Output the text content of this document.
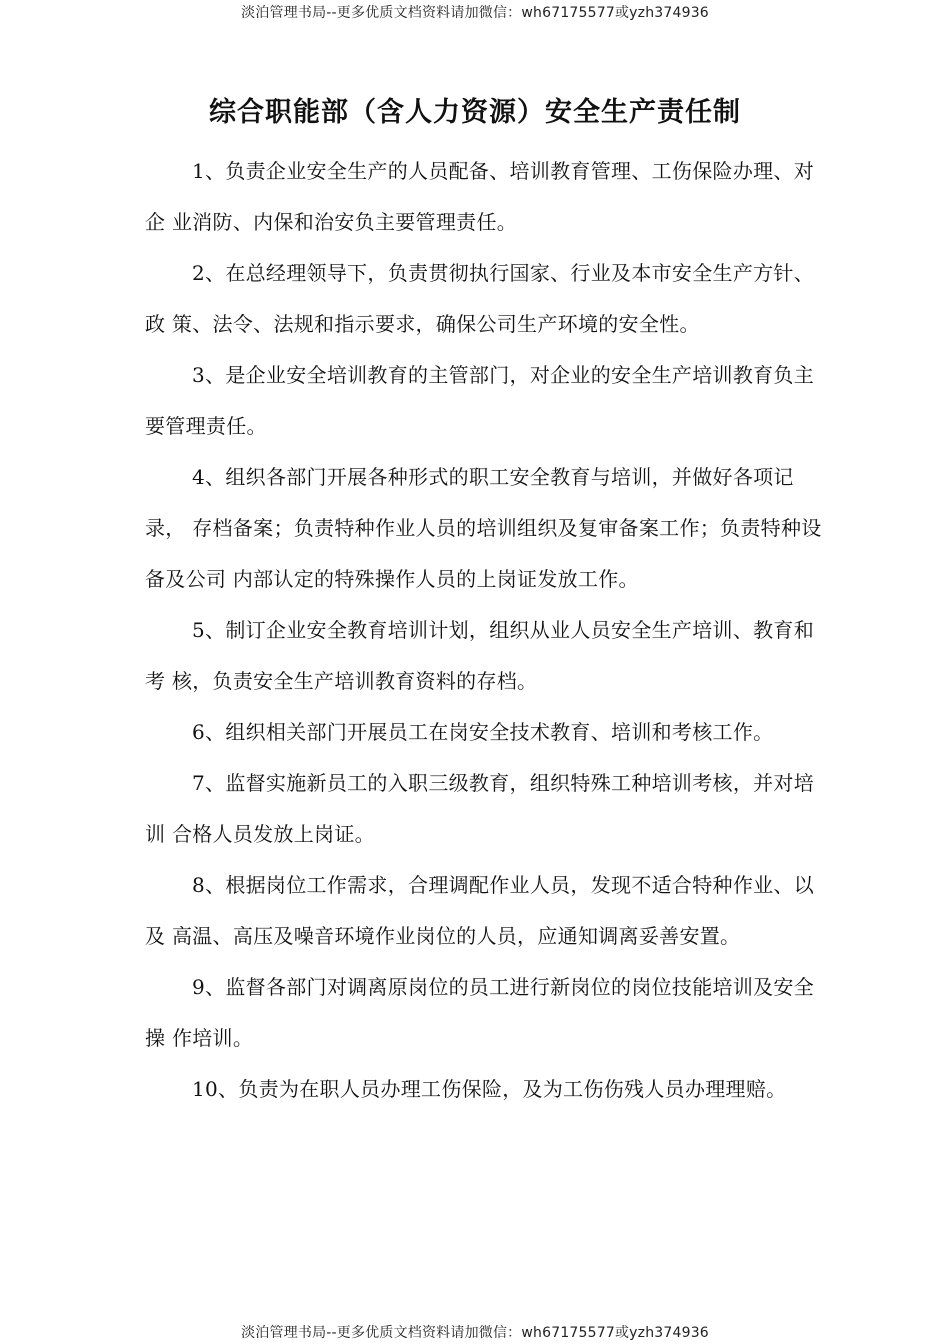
淡泊管理书局--更多优质文档资料请加微信：wh67175577或yzh374936
综合职能部（含人力资源）安全生产责任制

1、负责企业安全生产的人员配备、培训教育管理、工伤保险办理、对企 业消防、内保和治安负主要管理责任。

2、在总经理领导下，负责贯彻执行国家、行业及本市安全生产方针、政 策、法令、法规和指示要求，确保公司生产环境的安全性。

3、是企业安全培训教育的主管部门，对企业的安全生产培训教育负主要管理责任。

4、组织各部门开展各种形式的职工安全教育与培训，并做好各项记录， 存档备案；负责特种作业人员的培训组织及复审备案工作；负责特种设备及公司 内部认定的特殊操作人员的上岗证发放工作。

5、制订企业安全教育培训计划，组织从业人员安全生产培训、教育和考 核，负责安全生产培训教育资料的存档。

6、组织相关部门开展员工在岗安全技术教育、培训和考核工作。

7、监督实施新员工的入职三级教育，组织特殊工种培训考核，并对培训 合格人员发放上岗证。

8、根据岗位工作需求，合理调配作业人员，发现不适合特种作业、以及 高温、高压及噪音环境作业岗位的人员，应通知调离妥善安置。

9、监督各部门对调离原岗位的员工进行新岗位的岗位技能培训及安全操 作培训。

10、负责为在职人员办理工伤保险，及为工伤伤残人员办理理赔。

淡泊管理书局--更多优质文档资料请加微信：wh67175577或yzh374936
